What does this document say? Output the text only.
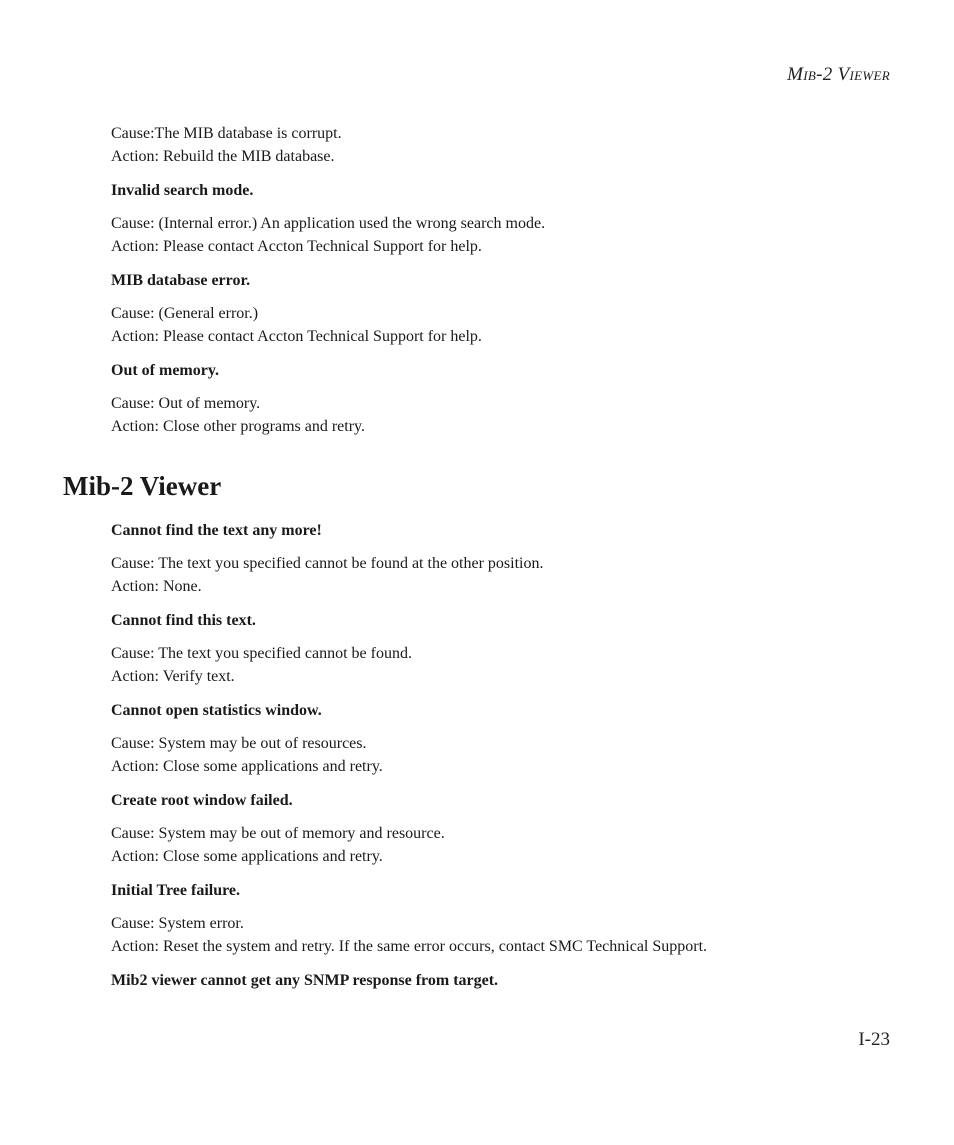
Mib-2 Viewer

Cause:The MIB database is corrupt.

Action: Rebuild the MIB database.

Invalid search mode.

Cause: (Internal error.) An application used the wrong search mode.

Action: Please contact Accton Technical Support for help.

MIB database error.

Cause: (General error.)

Action: Please contact Accton Technical Support for help.

Out of memory.

Cause: Out of memory.

Action: Close other programs and retry.

Mib-2 Viewer

Cannot find the text any more!

Cause: The text you specified cannot be found at the other position.

Action: None.

Cannot find this text.

Cause: The text you specified cannot be found.

Action: Verify text.

Cannot open statistics window.

Cause: System may be out of resources.

Action: Close some applications and retry.

Create root window failed.

Cause: System may be out of memory and resource.

Action: Close some applications and retry.

Initial Tree failure.

Cause: System error.

Action: Reset the system and retry. If the same error occurs, contact SMC Technical Support.

Mib2 viewer cannot get any SNMP response from target.

I-23
